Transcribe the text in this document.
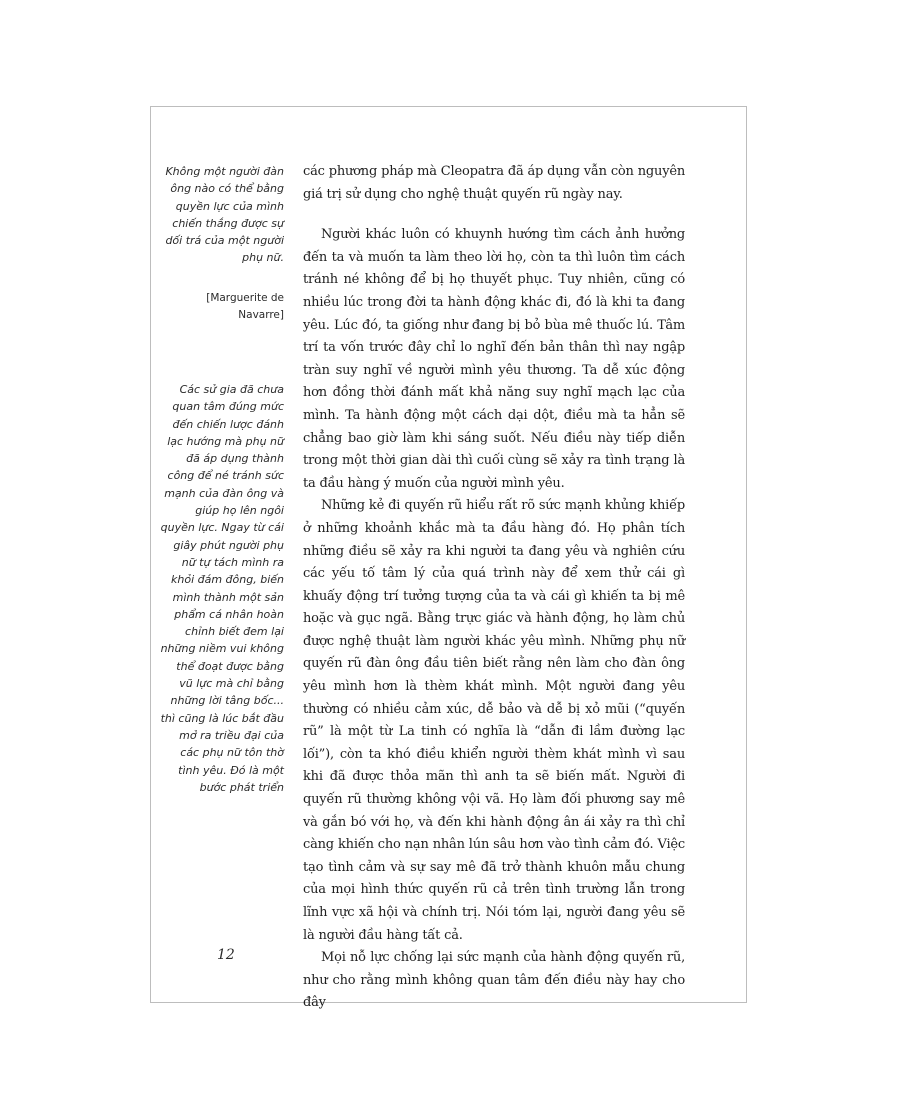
Không một người đàn ông nào có thể bằng quyền lực của mình chiến thắng được sự dối trá của một người phụ nữ.
[Marguerite de
Navarre]
Các sử gia đã chưa quan tâm đúng mức đến chiến lược đánh lạc hướng mà phụ nữ đã áp dụng thành công để né tránh sức mạnh của đàn ông và giúp họ lên ngôi quyền lực. Ngay từ cái giây phút người phụ nữ tự tách mình ra khỏi đám đông, biến mình thành một sản phẩm cá nhân hoàn chỉnh biết đem lại những niềm vui không thể đoạt được bằng vũ lực mà chỉ bằng những lời tâng bốc... thì cũng là lúc bắt đầu mở ra triều đại của các phụ nữ tôn thờ tình yêu. Đó là một bước phát triển

các phương pháp mà Cleopatra đã áp dụng vẫn còn nguyên giá trị sử dụng cho nghệ thuật quyến rũ ngày nay.

Người khác luôn có khuynh hướng tìm cách ảnh hưởng đến ta và muốn ta làm theo lời họ, còn ta thì luôn tìm cách tránh né không để bị họ thuyết phục. Tuy nhiên, cũng có nhiều lúc trong đời ta hành động khác đi, đó là khi ta đang yêu. Lúc đó, ta giống như đang bị bỏ bùa mê thuốc lú. Tâm trí ta vốn trước đây chỉ lo nghĩ đến bản thân thì nay ngập tràn suy nghĩ về người mình yêu thương. Ta dễ xúc động hơn đồng thời đánh mất khả năng suy nghĩ mạch lạc của mình. Ta hành động một cách dại dột, điều mà ta hẳn sẽ chẳng bao giờ làm khi sáng suốt. Nếu điều này tiếp diễn trong một thời gian dài thì cuối cùng sẽ xảy ra tình trạng là ta đầu hàng ý muốn của người mình yêu.

Những kẻ đi quyến rũ hiểu rất rõ sức mạnh khủng khiếp ở những khoảnh khắc mà ta đầu hàng đó. Họ phân tích những điều sẽ xảy ra khi người ta đang yêu và nghiên cứu các yếu tố tâm lý của quá trình này để xem thử cái gì khuấy động trí tưởng tượng của ta và cái gì khiến ta bị mê hoặc và gục ngã. Bằng trực giác và hành động, họ làm chủ được nghệ thuật làm người khác yêu mình. Những phụ nữ quyến rũ đàn ông đầu tiên biết rằng nên làm cho đàn ông yêu mình hơn là thèm khát mình. Một người đang yêu thường có nhiều cảm xúc, dễ bảo và dễ bị xỏ mũi (“quyến rũ” là một từ La tinh có nghĩa là “dẫn đi lầm đường lạc lối”), còn ta khó điều khiển người thèm khát mình vì sau khi đã được thỏa mãn thì anh ta sẽ biến mất. Người đi quyến rũ thường không vội vã. Họ làm đối phương say mê và gắn bó với họ, và đến khi hành động ân ái xảy ra thì chỉ càng khiến cho nạn nhân lún sâu hơn vào tình cảm đó. Việc tạo tình cảm và sự say mê đã trở thành khuôn mẫu chung của mọi hình thức quyến rũ cả trên tình trường lẫn trong lĩnh vực xã hội và chính trị. Nói tóm lại, người đang yêu sẽ là người đầu hàng tất cả.

Mọi nỗ lực chống lại sức mạnh của hành động quyến rũ, như cho rằng mình không quan tâm đến điều này hay cho đây

12
